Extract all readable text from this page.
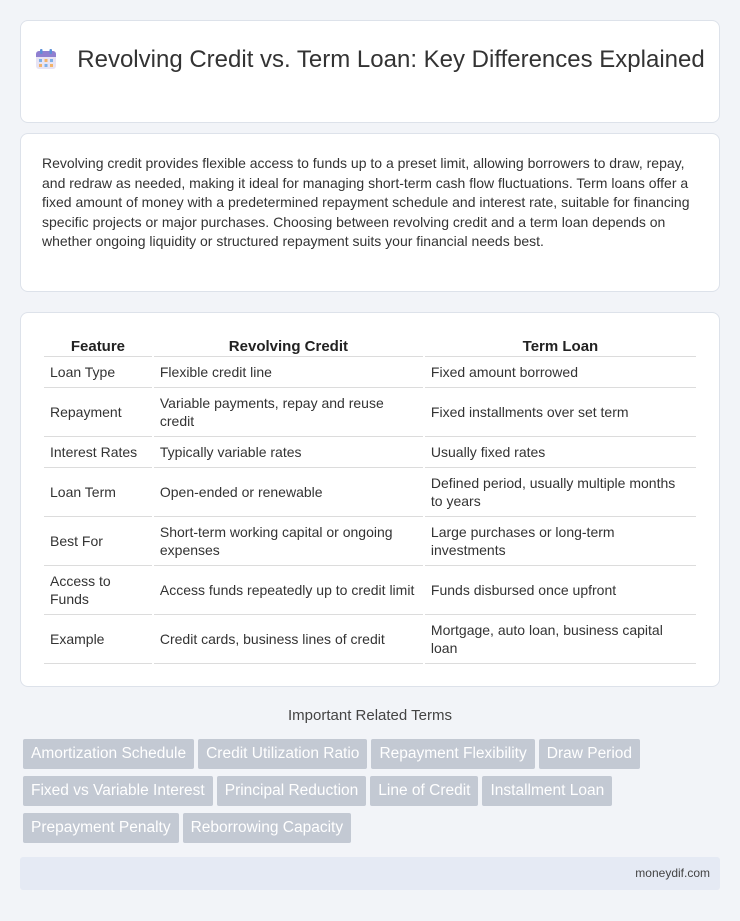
Revolving Credit vs. Term Loan: Key Differences Explained

Revolving credit provides flexible access to funds up to a preset limit, allowing borrowers to draw, repay, and redraw as needed, making it ideal for managing short-term cash flow fluctuations. Term loans offer a fixed amount of money with a predetermined repayment schedule and interest rate, suitable for financing specific projects or major purchases. Choosing between revolving credit and a term loan depends on whether ongoing liquidity or structured repayment suits your financial needs best.

Feature	Revolving Credit	Term Loan
Loan Type	Flexible credit line	Fixed amount borrowed
Repayment	Variable payments, repay and reuse credit	Fixed installments over set term
Interest Rates	Typically variable rates	Usually fixed rates
Loan Term	Open-ended or renewable	Defined period, usually multiple months to years
Best For	Short-term working capital or ongoing expenses	Large purchases or long-term investments
Access to Funds	Access funds repeatedly up to credit limit	Funds disbursed once upfront
Example	Credit cards, business lines of credit	Mortgage, auto loan, business capital loan
Important Related Terms
Amortization Schedule Credit Utilization Ratio Repayment Flexibility Draw Period
Fixed vs Variable Interest Principal Reduction Line of Credit Installment Loan
Prepayment Penalty Reborrowing Capacity
moneydif.com
